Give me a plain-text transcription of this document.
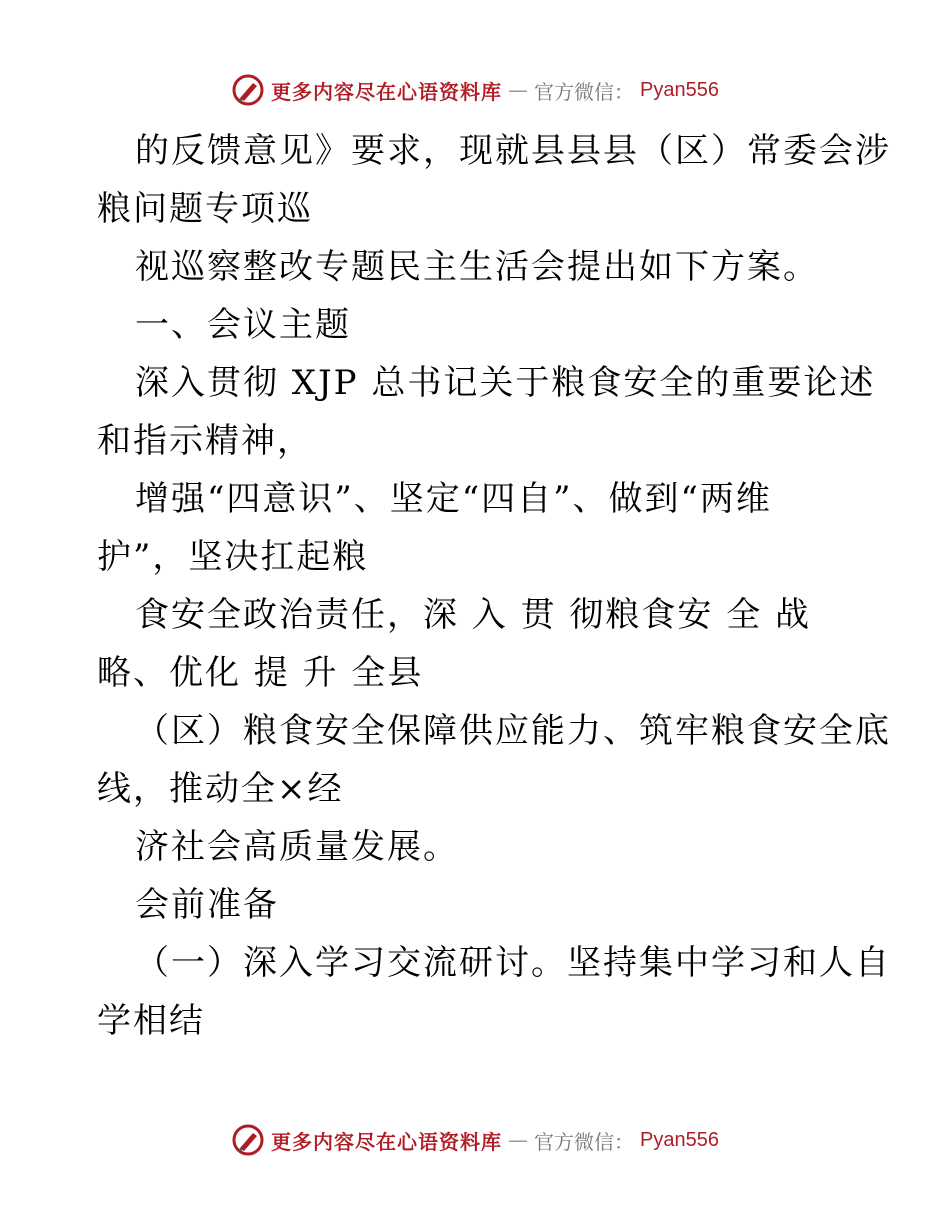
更多内容尽在心语资料库 — 官方微信： Pyan556
的反馈意见》要求，现就县县县（区）常委会涉
粮问题专项巡
视巡察整改专题民主生活会提出如下方案。
一、会议主题
深入贯彻 XJP 总书记关于粮食安全的重要论述
和指示精神，
增强“四意识”、坚定“四自”、做到“两维
护”，坚决扛起粮
食安全政治责任，深 入 贯 彻粮食安 全 战
略、优化 提 升 全县
（区）粮食安全保障供应能力、筑牢粮食安全底
线，推动全×经
济社会高质量发展。
会前准备
（一）深入学习交流研讨。坚持集中学习和人自
学相结
更多内容尽在心语资料库 — 官方微信： Pyan556
